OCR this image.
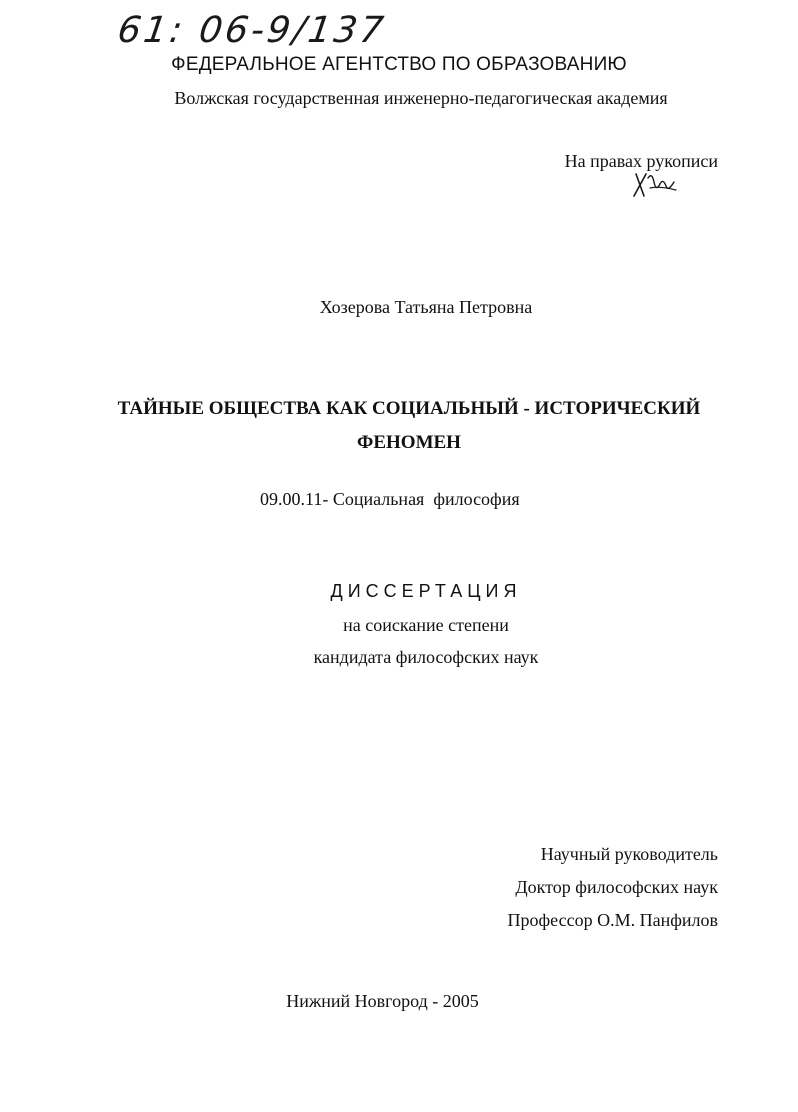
61: 06-9/137
ФЕДЕРАЛЬНОЕ АГЕНТСТВО ПО ОБРАЗОВАНИЮ
Волжская государственная инженерно-педагогическая академия
На правах рукописи
Хозерова Татьяна Петровна
ТАЙНЫЕ ОБЩЕСТВА КАК СОЦИАЛЬНЫЙ - ИСТОРИЧЕСКИЙ
ФЕНОМЕН
09.00.11- Социальная  философия
ДИССЕРТАЦИЯ
на соискание степени
кандидата философских наук
Научный руководитель
Доктор философских наук
Профессор О.М. Панфилов
Нижний Новгород - 2005
